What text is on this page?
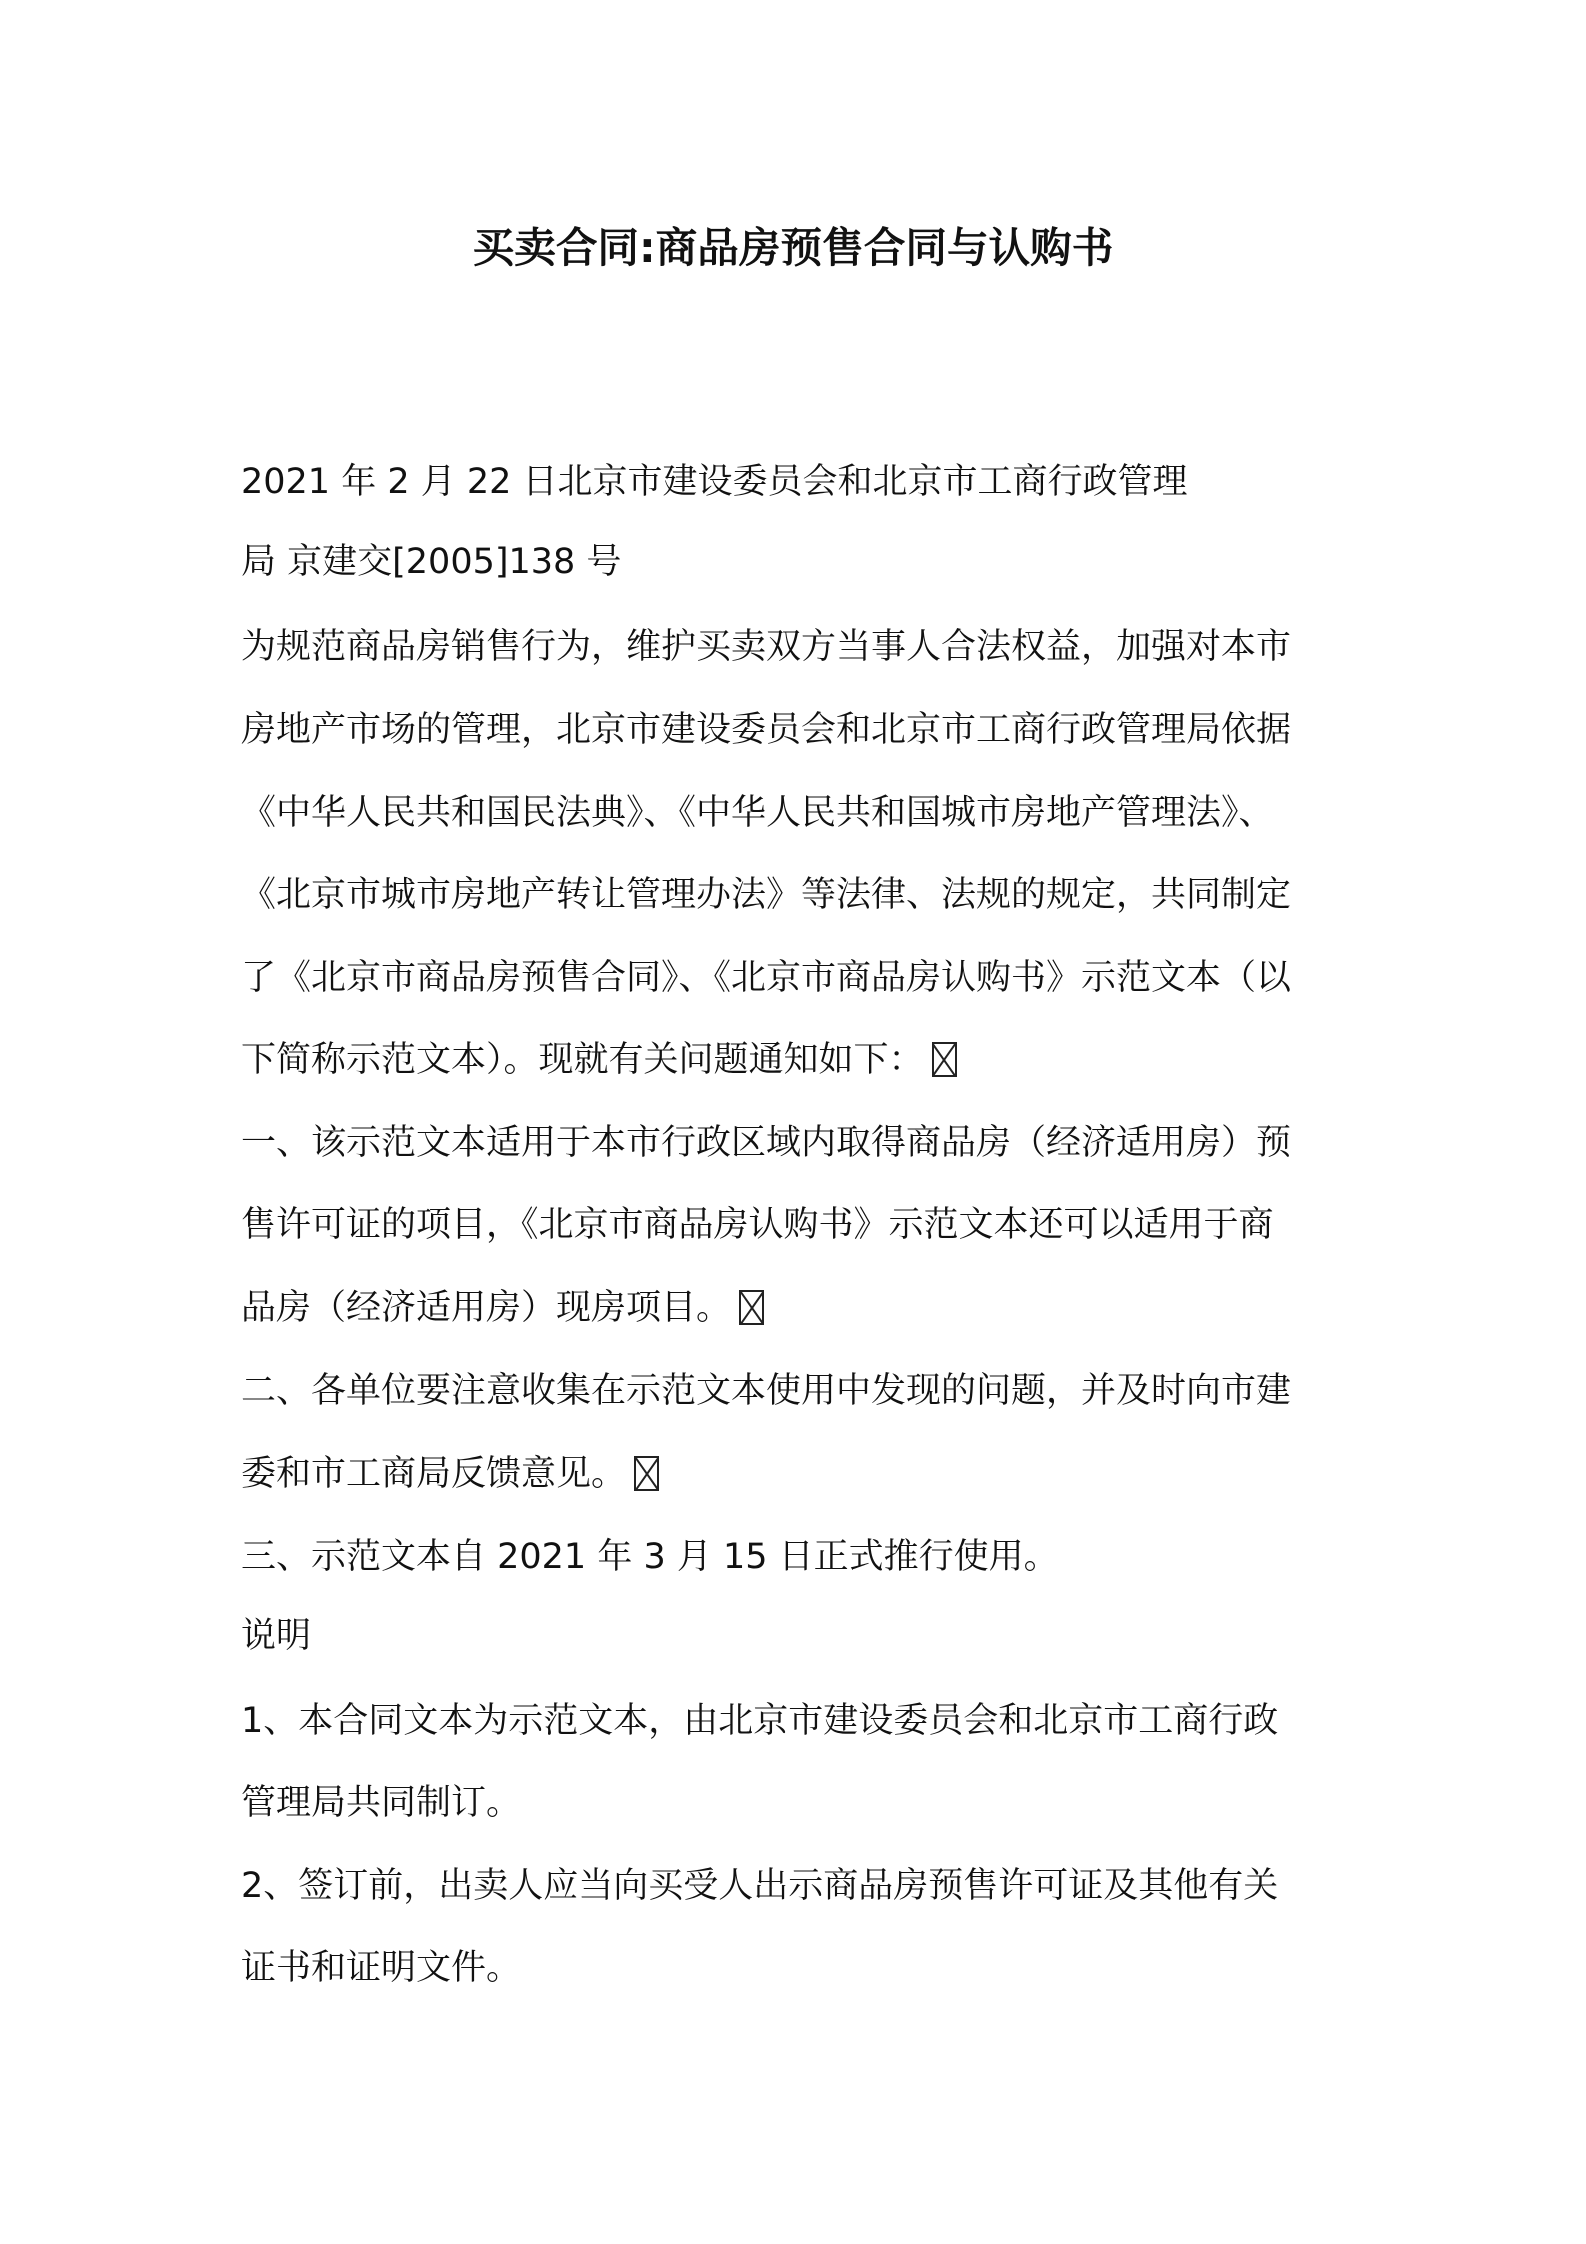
买卖合同:商品房预售合同与认购书
2021 年 2 月 22 日北京市建设委员会和北京市工商行政管理
局 京建交[2005]138 号
为规范商品房销售行为，维护买卖双方当事人合法权益，加强对本市
房地产市场的管理，北京市建设委员会和北京市工商行政管理局依据
《中华人民共和国民法典》、《中华人民共和国城市房地产管理法》、
《北京市城市房地产转让管理办法》等法律、法规的规定，共同制定
了《北京市商品房预售合同》、《北京市商品房认购书》示范文本（以
下简称示范文本）。现就有关问题通知如下：
一、该示范文本适用于本市行政区域内取得商品房（经济适用房）预
售许可证的项目，《北京市商品房认购书》示范文本还可以适用于商
品房（经济适用房）现房项目。
二、各单位要注意收集在示范文本使用中发现的问题，并及时向市建
委和市工商局反馈意见。
三、示范文本自 2021 年 3 月 15 日正式推行使用。
说明
1、本合同文本为示范文本，由北京市建设委员会和北京市工商行政
管理局共同制订。
2、签订前，出卖人应当向买受人出示商品房预售许可证及其他有关
证书和证明文件。
